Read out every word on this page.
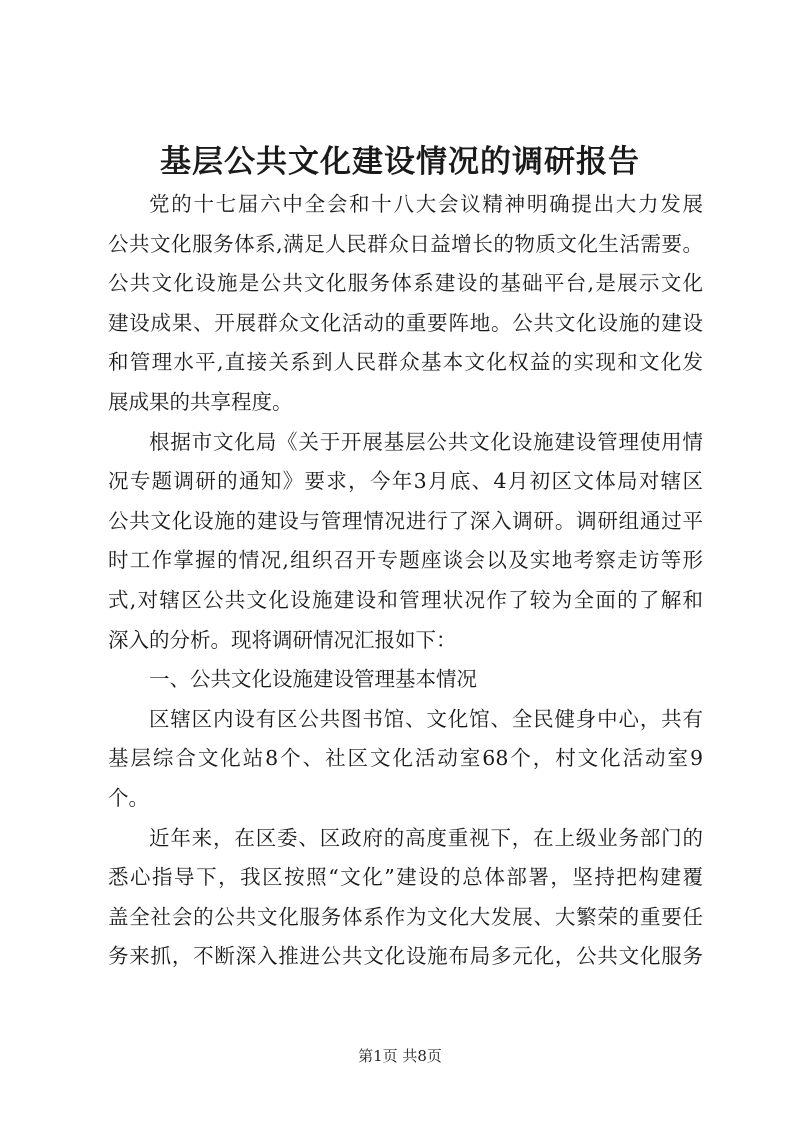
基层公共文化建设情况的调研报告
党的十七届六中全会和十八大会议精神明确提出大力发展
公共文化服务体系,满足人民群众日益增长的物质文化生活需要。
公共文化设施是公共文化服务体系建设的基础平台,是展示文化
建设成果、开展群众文化活动的重要阵地。公共文化设施的建设
和管理水平,直接关系到人民群众基本文化权益的实现和文化发
展成果的共享程度。
根据市文化局《关于开展基层公共文化设施建设管理使用情
况专题调研的通知》要求，今年3月底、4月初区文体局对辖区
公共文化设施的建设与管理情况进行了深入调研。调研组通过平
时工作掌握的情况,组织召开专题座谈会以及实地考察走访等形
式,对辖区公共文化设施建设和管理状况作了较为全面的了解和
深入的分析。现将调研情况汇报如下：
一、公共文化设施建设管理基本情况
区辖区内设有区公共图书馆、文化馆、全民健身中心，共有
基层综合文化站8个、社区文化活动室68个，村文化活动室9
个。
近年来，在区委、区政府的高度重视下，在上级业务部门的
悉心指导下，我区按照“文化”建设的总体部署，坚持把构建覆
盖全社会的公共文化服务体系作为文化大发展、大繁荣的重要任
务来抓，不断深入推进公共文化设施布局多元化，公共文化服务
第1页 共8页
